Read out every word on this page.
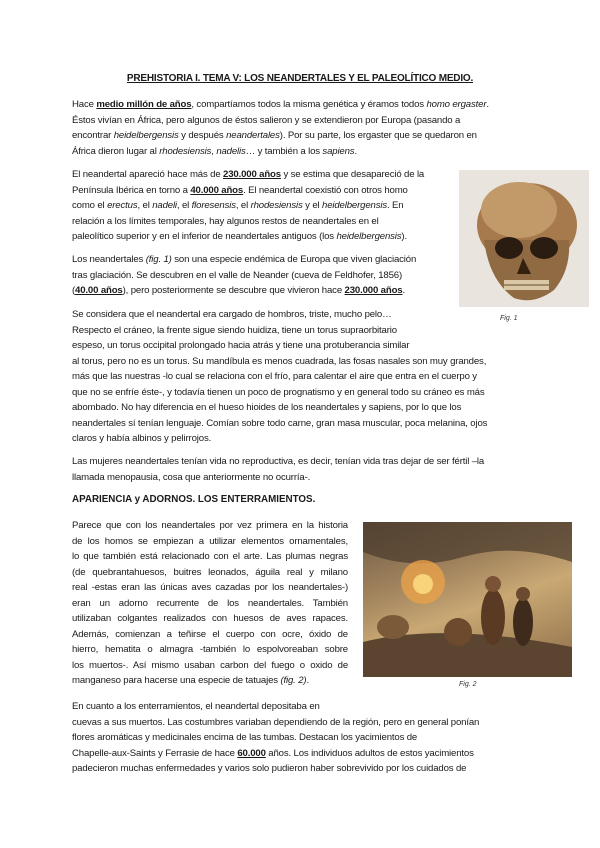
PREHISTORIA I. TEMA V: LOS NEANDERTALES Y EL PALEOLÍTICO MEDIO.
Hace medio millón de años, compartíamos todos la misma genética y éramos todos homo ergaster.
Éstos vivían en África, pero algunos de éstos salieron y se extendieron por Europa (pasando a
encontrar heidelbergensis y después neandertales). Por su parte, los ergaster que se quedaron en
África dieron lugar al rhodesiensis, nadelis… y también a los sapiens.
El neandertal apareció hace más de 230.000 años y se estima que desapareció de la
Península Ibérica en torno a 40.000 años. El neandertal coexistió con otros homo
como el erectus, el nadeli, el floresensis, el rhodesiensis y el heidelbergensis. En
relación a los límites temporales, hay algunos restos de neandertales en el
paleolítico superior y en el inferior de neandertales antiguos (los heidelbergensis).
Los neandertales (fig. 1) son una especie endémica de Europa que viven glaciación
tras glaciación. Se descubren en el valle de Neander (cueva de Feldhofer, 1856)
(40.00 años), pero posteriormente se descubre que vivieron hace 230.000 años.
Se considera que el neandertal era cargado de hombros, triste, mucho pelo…
Respecto el cráneo, la frente sigue siendo huidiza, tiene un torus supraorbitario
espeso, un torus occipital prolongado hacia atrás y tiene una protuberancia similar
al torus, pero no es un torus. Su mandíbula es menos cuadrada, las fosas nasales son muy grandes,
más que las nuestras -lo cual se relaciona con el frío, para calentar el aire que entra en el cuerpo y
que no se enfríe éste-, y todavía tienen un poco de prognatismo y en general todo su cráneo es más
abombado. No hay diferencia en el hueso hioides de los neandertales y sapiens, por lo que los
neandertales sí tenían lenguaje. Comían sobre todo carne, gran masa muscular, poca melanina, ojos
claros y había albinos y pelirrojos.
Las mujeres neandertales tenían vida no reproductiva, es decir, tenían vida tras dejar de ser fértil –la
llamada menopausia, cosa que anteriormente no ocurría-.
APARIENCIA y ADORNOS. LOS ENTERRAMIENTOS.
Parece que con los neandertales por vez primera en la historia
de los homos se empiezan a utilizar elementos ornamentales,
lo que también está relacionado con el arte. Las plumas negras
(de quebrantahuesos, buitres leonados, águila real y milano
real -estas eran las únicas aves cazadas por los neandertales-)
eran un adorno recurrente de los neandertales. También
utilizaban colgantes realizados con huesos de aves rapaces.
Además, comienzan a teñirse el cuerpo con ocre, óxido de
hierro, hematita o almagra -también lo espolvoreaban sobre
los muertos-. Así mismo usaban carbon del fuego o oxido de
manganeso para hacerse una especie de tatuajes (fig. 2).
En cuanto a los enterramientos, el neandertal depositaba en
cuevas a sus muertos. Las costumbres variaban dependiendo de la región, pero en general ponían
flores aromáticas y medicinales encima de las tumbas. Destacan los yacimientos de
Chapelle-aux-Saints y Ferrasie de hace 60.000 años. Los individuos adultos de estos yacimientos
padecieron muchas enfermedades y varios solo pudieron haber sobrevivido por los cuidados de
Fig. 1
Fig. 2
